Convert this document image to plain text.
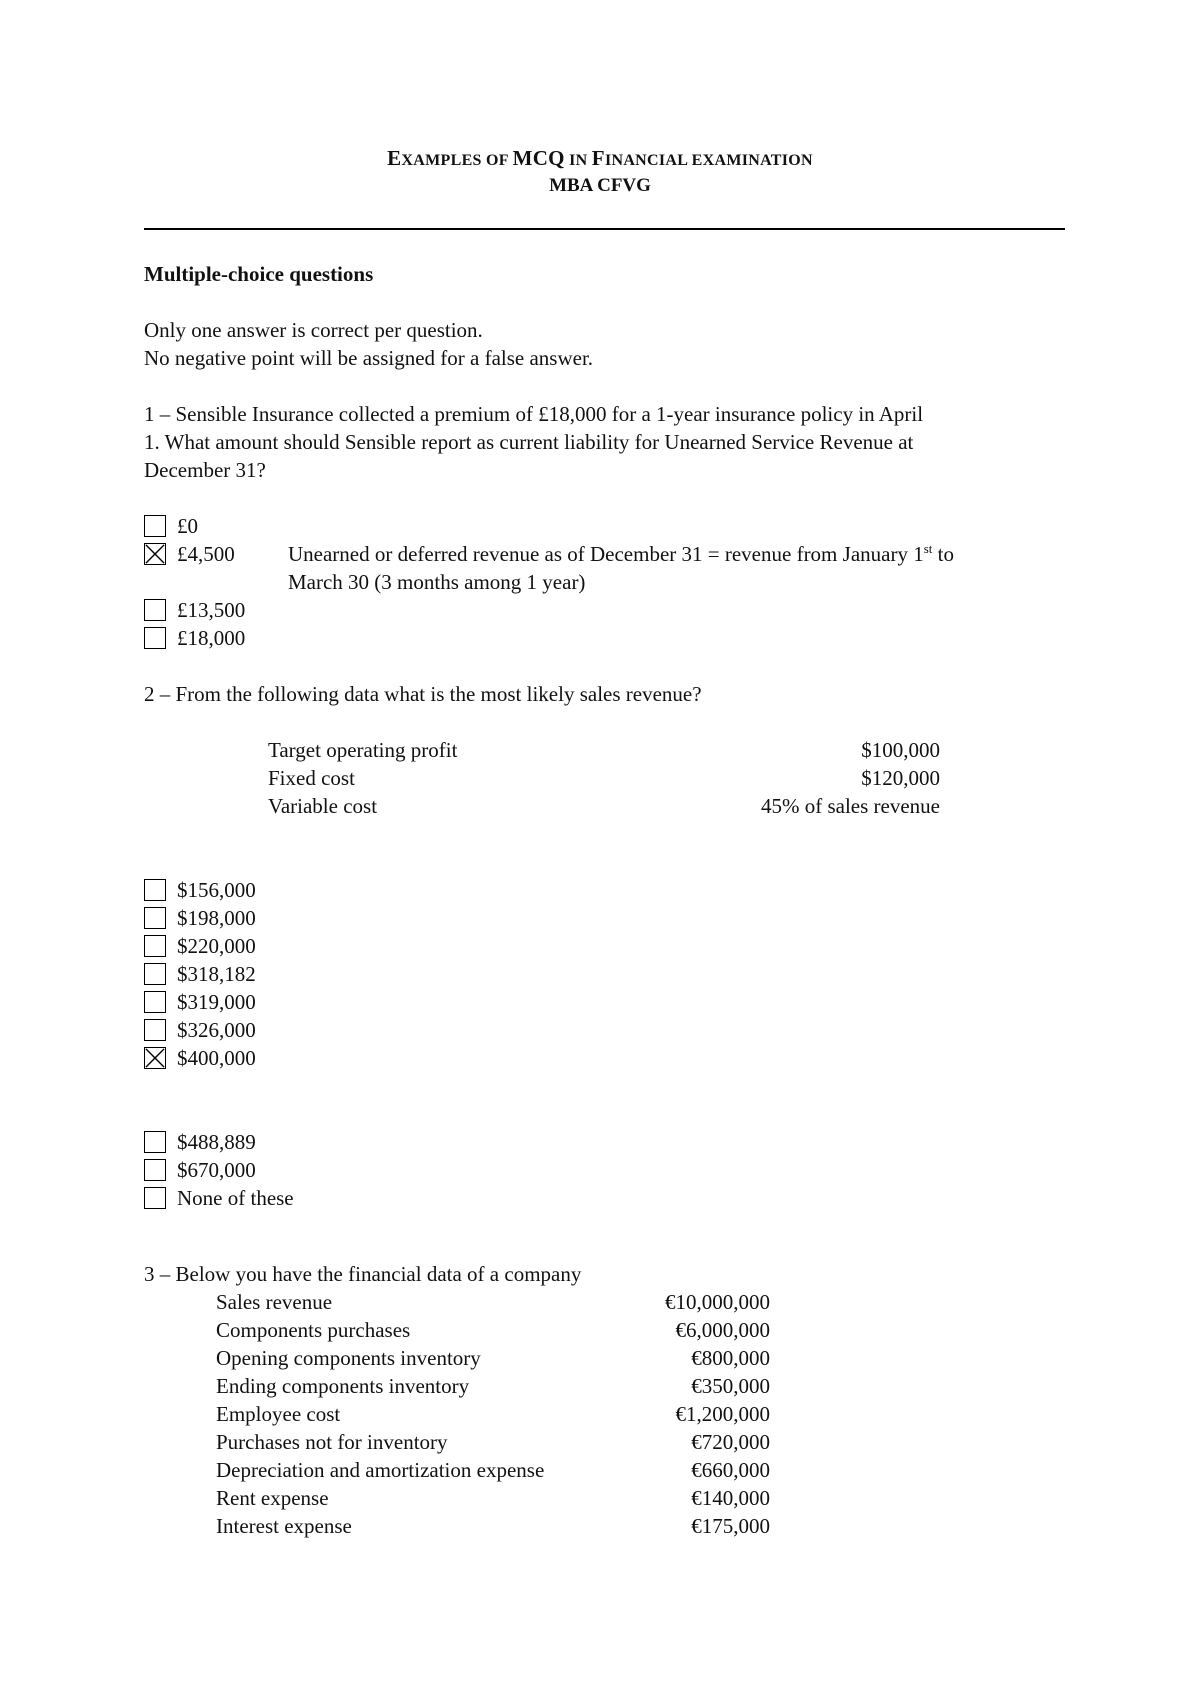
EXAMPLES OF MCQ IN FINANCIAL EXAMINATION
MBA CFVG
Multiple-choice questions
Only one answer is correct per question.
No negative point will be assigned for a false answer.
1 – Sensible Insurance collected a premium of £18,000 for a 1-year insurance policy in April
1. What amount should Sensible report as current liability for Unearned Service Revenue at
December 31?
£0
£4,500
£13,500
£18,000
Unearned or deferred revenue as of December 31 = revenue from January 1st to
March 30 (3 months among 1 year)
2 – From the following data what is the most likely sales revenue?
Target operating profit	$100,000
Fixed cost	$120,000
Variable cost	45% of sales revenue
$156,000
$198,000
$220,000
$318,182
$319,000
$326,000
$400,000
$488,889
$670,000
None of these
3 – Below you have the financial data of a company
Sales revenue	€10,000,000
Components purchases	€6,000,000
Opening components inventory	€800,000
Ending components inventory	€350,000
Employee cost	€1,200,000
Purchases not for inventory	€720,000
Depreciation and amortization expense	€660,000
Rent expense	€140,000
Interest expense	€175,000
